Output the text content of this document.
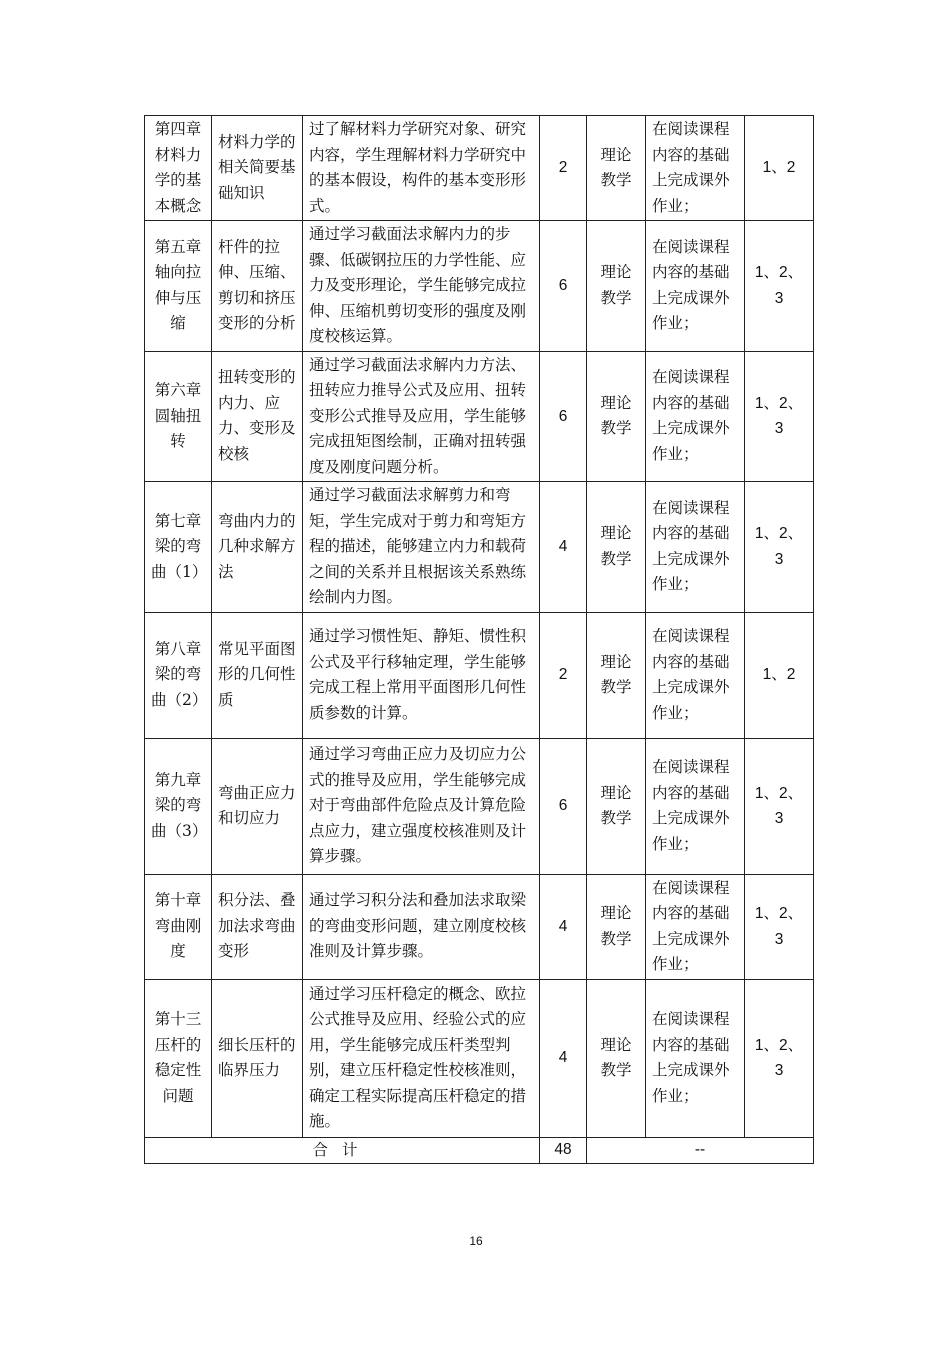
第四章材料力学的基本概念	材料力学的相关简要基础知识	过了解材料力学研究对象、研究内容，学生理解材料力学研究中的基本假设，构件的基本变形形式。	2	理论教学	在阅读课程内容的基础上完成课外作业；	1、2
第五章轴向拉伸与压缩	杆件的拉伸、压缩、剪切和挤压变形的分析	通过学习截面法求解内力的步骤、低碳钢拉压的力学性能、应力及变形理论，学生能够完成拉伸、压缩机剪切变形的强度及刚度校核运算。	6	理论教学	在阅读课程内容的基础上完成课外作业；	1、2、3
第六章圆轴扭转	扭转变形的内力、应力、变形及校核	通过学习截面法求解内力方法、扭转应力推导公式及应用、扭转变形公式推导及应用，学生能够完成扭矩图绘制，正确对扭转强度及刚度问题分析。	6	理论教学	在阅读课程内容的基础上完成课外作业；	1、2、3
第七章梁的弯曲（1）	弯曲内力的几种求解方法	通过学习截面法求解剪力和弯矩，学生完成对于剪力和弯矩方程的描述，能够建立内力和载荷之间的关系并且根据该关系熟练绘制内力图。	4	理论教学	在阅读课程内容的基础上完成课外作业；	1、2、3
第八章梁的弯曲（2）	常见平面图形的几何性质	通过学习惯性矩、静矩、惯性积公式及平行移轴定理，学生能够完成工程上常用平面图形几何性质参数的计算。	2	理论教学	在阅读课程内容的基础上完成课外作业；	1、2
第九章梁的弯曲（3）	弯曲正应力和切应力	通过学习弯曲正应力及切应力公式的推导及应用，学生能够完成对于弯曲部件危险点及计算危险点应力，建立强度校核准则及计算步骤。	6	理论教学	在阅读课程内容的基础上完成课外作业；	1、2、3
第十章弯曲刚度	积分法、叠加法求弯曲变形	通过学习积分法和叠加法求取梁的弯曲变形问题，建立刚度校核准则及计算步骤。	4	理论教学	在阅读课程内容的基础上完成课外作业；	1、2、3
第十三压杆的稳定性问题	细长压杆的临界压力	通过学习压杆稳定的概念、欧拉公式推导及应用、经验公式的应用，学生能够完成压杆类型判别，建立压杆稳定性校核准则，确定工程实际提高压杆稳定的措施。	4	理论教学	在阅读课程内容的基础上完成课外作业；	1、2、3
合计			48	--		
16
